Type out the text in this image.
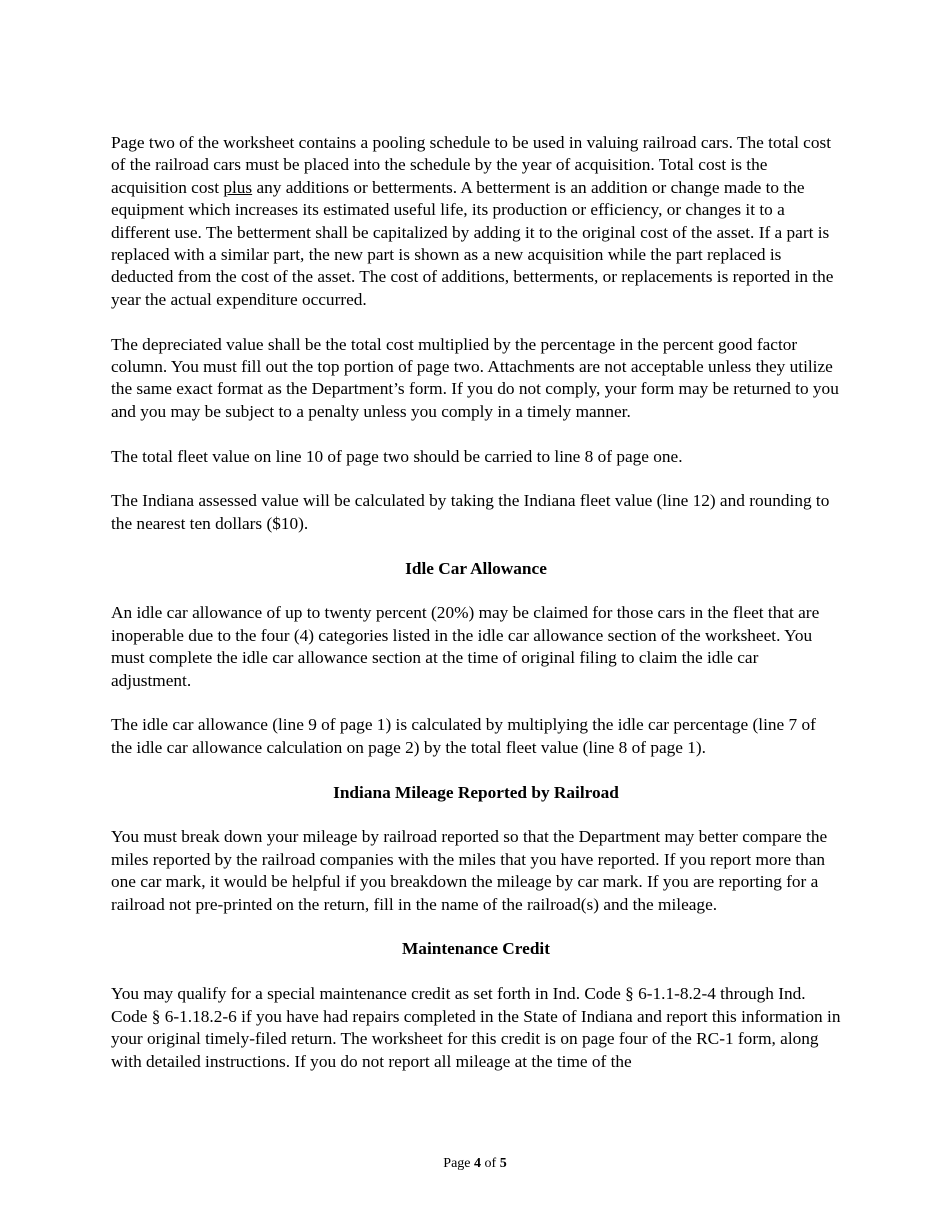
Page two of the worksheet contains a pooling schedule to be used in valuing railroad cars. The total cost of the railroad cars must be placed into the schedule by the year of acquisition. Total cost is the acquisition cost plus any additions or betterments. A betterment is an addition or change made to the equipment which increases its estimated useful life, its production or efficiency, or changes it to a different use. The betterment shall be capitalized by adding it to the original cost of the asset. If a part is replaced with a similar part, the new part is shown as a new acquisition while the part replaced is deducted from the cost of the asset. The cost of additions, betterments, or replacements is reported in the year the actual expenditure occurred.

The depreciated value shall be the total cost multiplied by the percentage in the percent good factor column. You must fill out the top portion of page two. Attachments are not acceptable unless they utilize the same exact format as the Department’s form. If you do not comply, your form may be returned to you and you may be subject to a penalty unless you comply in a timely manner.

The total fleet value on line 10 of page two should be carried to line 8 of page one.

The Indiana assessed value will be calculated by taking the Indiana fleet value (line 12) and rounding to the nearest ten dollars ($10).

Idle Car Allowance

An idle car allowance of up to twenty percent (20%) may be claimed for those cars in the fleet that are inoperable due to the four (4) categories listed in the idle car allowance section of the worksheet. You must complete the idle car allowance section at the time of original filing to claim the idle car adjustment.

The idle car allowance (line 9 of page 1) is calculated by multiplying the idle car percentage (line 7 of the idle car allowance calculation on page 2) by the total fleet value (line 8 of page 1).

Indiana Mileage Reported by Railroad

You must break down your mileage by railroad reported so that the Department may better compare the miles reported by the railroad companies with the miles that you have reported. If you report more than one car mark, it would be helpful if you breakdown the mileage by car mark. If you are reporting for a railroad not pre-printed on the return, fill in the name of the railroad(s) and the mileage.

Maintenance Credit

You may qualify for a special maintenance credit as set forth in Ind. Code § 6-1.1-8.2-4 through Ind. Code § 6-1.18.2-6 if you have had repairs completed in the State of Indiana and report this information in your original timely-filed return. The worksheet for this credit is on page four of the RC-1 form, along with detailed instructions. If you do not report all mileage at the time of the

Page 4 of 5
